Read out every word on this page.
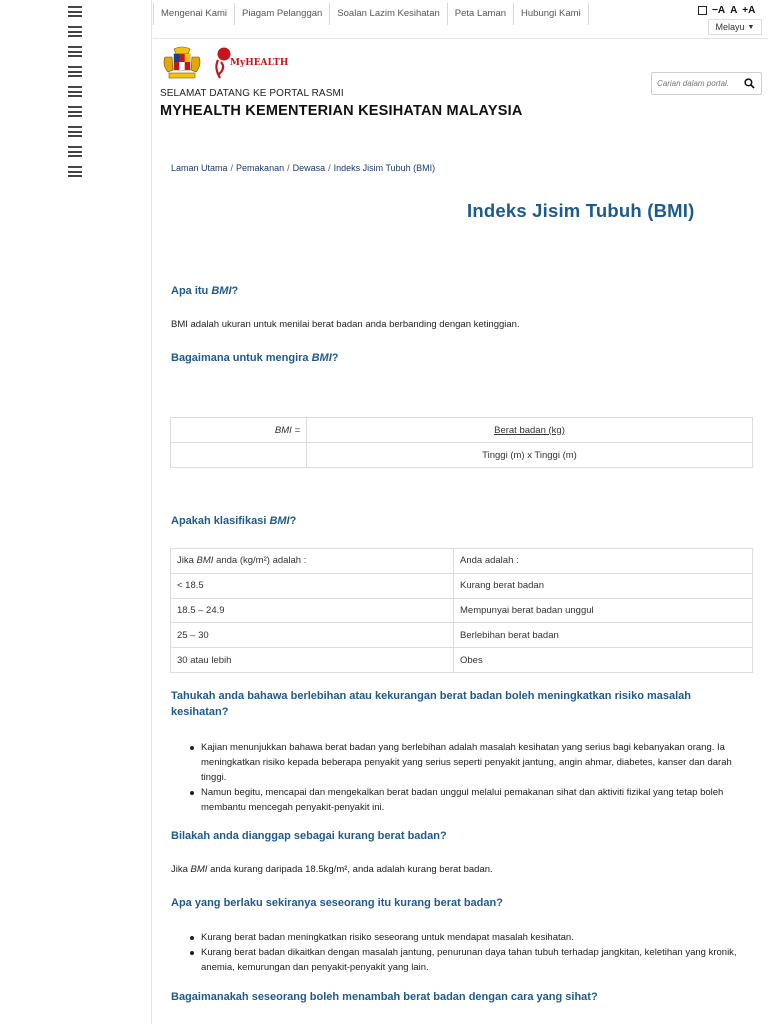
Mengenai Kami	Piagam Pelanggan	Soalan Lazim Kesihatan	Peta Laman	Hubungi Kami	−A A +A
Melayu ▼
MyHEALTH
SELAMAT DATANG KE PORTAL RASMI
MYHEALTH KEMENTERIAN KESIHATAN MALAYSIA
Carian dalam portal.
Laman Utama / Pemakanan / Dewasa / Indeks Jisim Tubuh (BMI)
Indeks Jisim Tubuh (BMI)
Apa itu BMI?
BMI adalah ukuran untuk menilai berat badan anda berbanding dengan ketinggian.
Bagaimana untuk mengira BMI?
BMI =	Berat badan (kg)
	Tinggi (m) x Tinggi (m)
Apakah klasifikasi BMI?
Jika BMI anda (kg/m²) adalah :	Anda adalah :
< 18.5	Kurang berat badan
18.5 – 24.9	Mempunyai berat badan unggul
25 – 30	Berlebihan berat badan
30 atau lebih	Obes
Tahukah anda bahawa berlebihan atau kekurangan berat badan boleh meningkatkan risiko masalah kesihatan?
Kajian menunjukkan bahawa berat badan yang berlebihan adalah masalah kesihatan yang serius bagi kebanyakan orang. Ia meningkatkan risiko kepada beberapa penyakit yang serius seperti penyakit jantung, angin ahmar, diabetes, kanser dan darah tinggi.
Namun begitu, mencapai dan mengekalkan berat badan unggul melalui pemakanan sihat dan aktiviti fizikal yang tetap boleh membantu mencegah penyakit-penyakit ini.
Bilakah anda dianggap sebagai kurang berat badan?
Jika BMI anda kurang daripada 18.5kg/m², anda adalah kurang berat badan.
Apa yang berlaku sekiranya seseorang itu kurang berat badan?
Kurang berat badan meningkatkan risiko seseorang untuk mendapat masalah kesihatan.
Kurang berat badan dikaitkan dengan masalah jantung, penurunan daya tahan tubuh terhadap jangkitan, keletihan yang kronik, anemia, kemurungan dan penyakit-penyakit yang lain.
Bagaimanakah seseorang boleh menambah berat badan dengan cara yang sihat?
